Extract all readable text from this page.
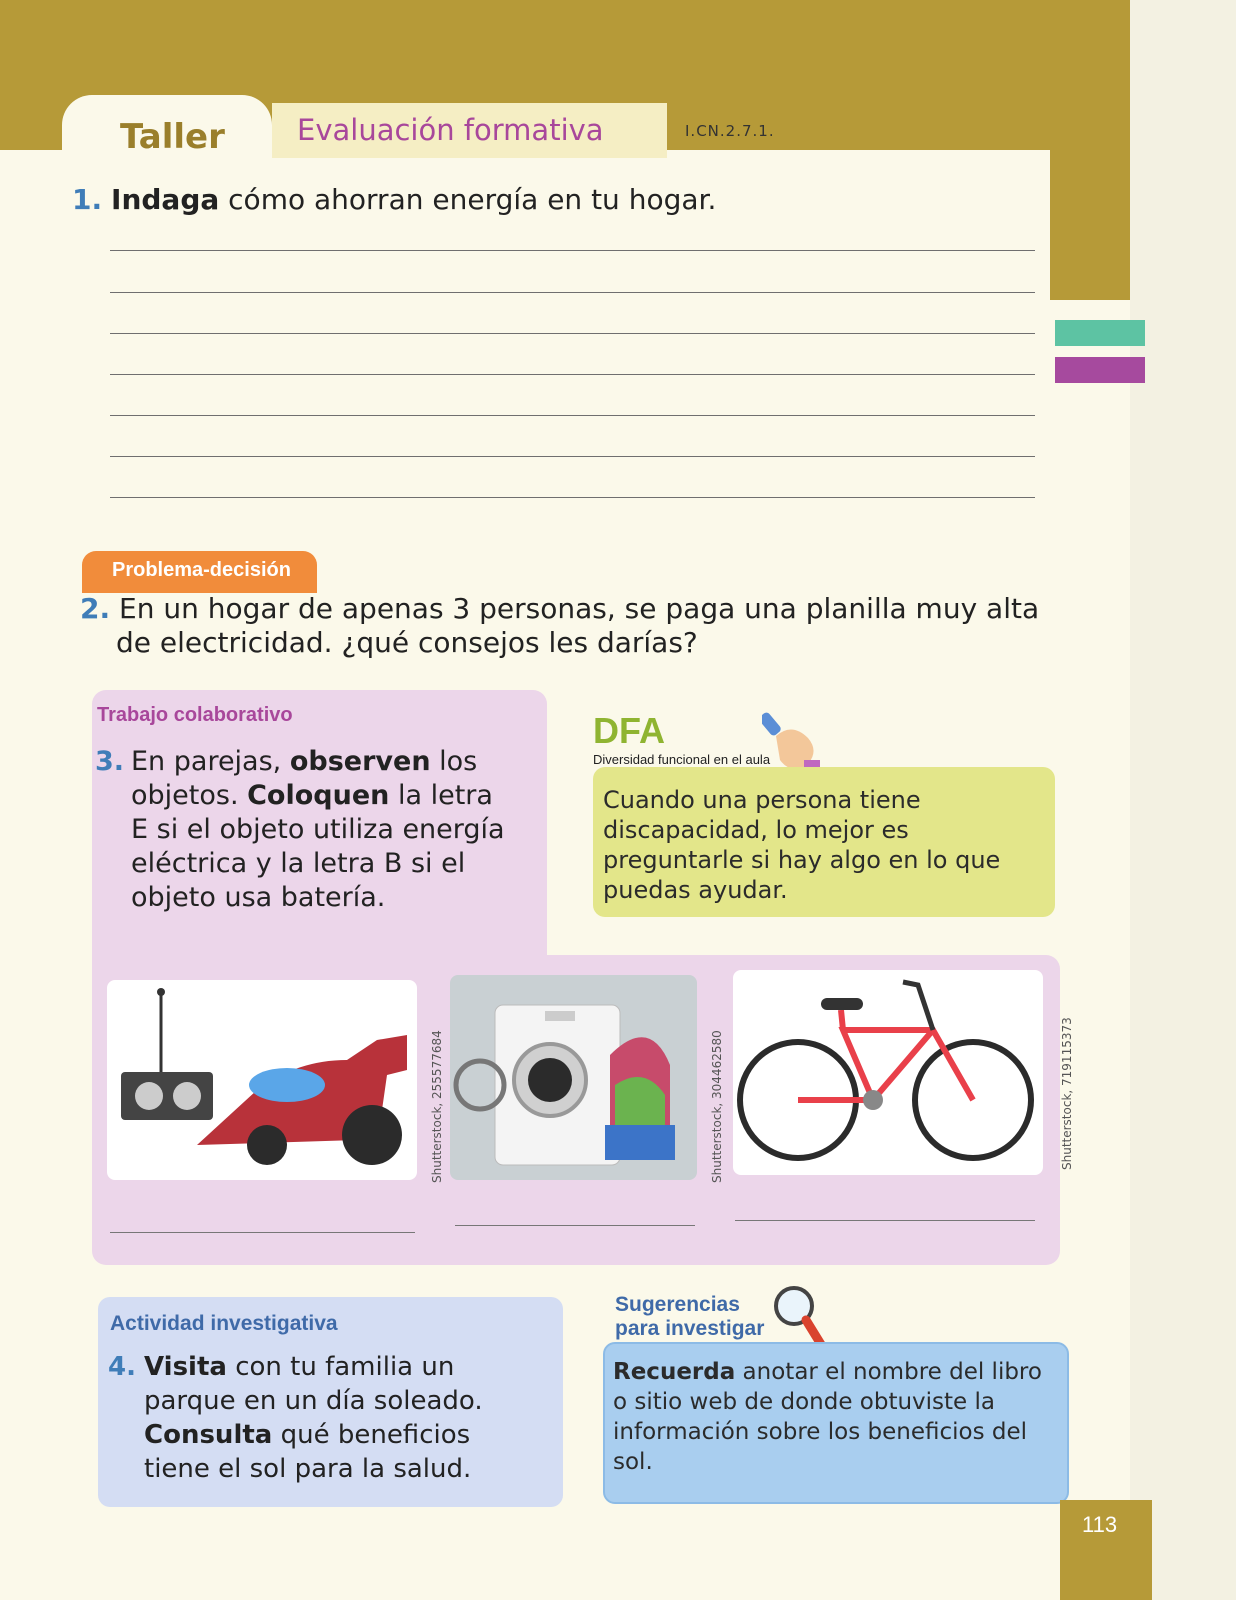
Taller Evaluación formativa	I.CN.2.7.1.
1. Indaga cómo ahorran energía en tu hogar.
Problema-decisión
2. En un hogar de apenas 3 personas, se paga una planilla muy alta
de electricidad. ¿qué consejos les darías?
Trabajo colaborativo
3. En parejas, observen los objetos. Coloquen la letra E si el objeto utiliza energía eléctrica y la letra B si el objeto usa batería.
DFA
Diversidad funcional en el aula
Cuando una persona tiene discapacidad, lo mejor es preguntarle si hay algo en lo que puedas ayudar.
Shutterstock, 255577684	Shutterstock, 304462580	Shutterstock, 719115373
Actividad investigativa
4. Visita con tu familia un parque en un día soleado. Consulta qué beneficios tiene el sol para la salud.
Sugerencias
para investigar
Recuerda anotar el nombre del libro o sitio web de donde obtuviste la información sobre los beneficios del sol.
113
